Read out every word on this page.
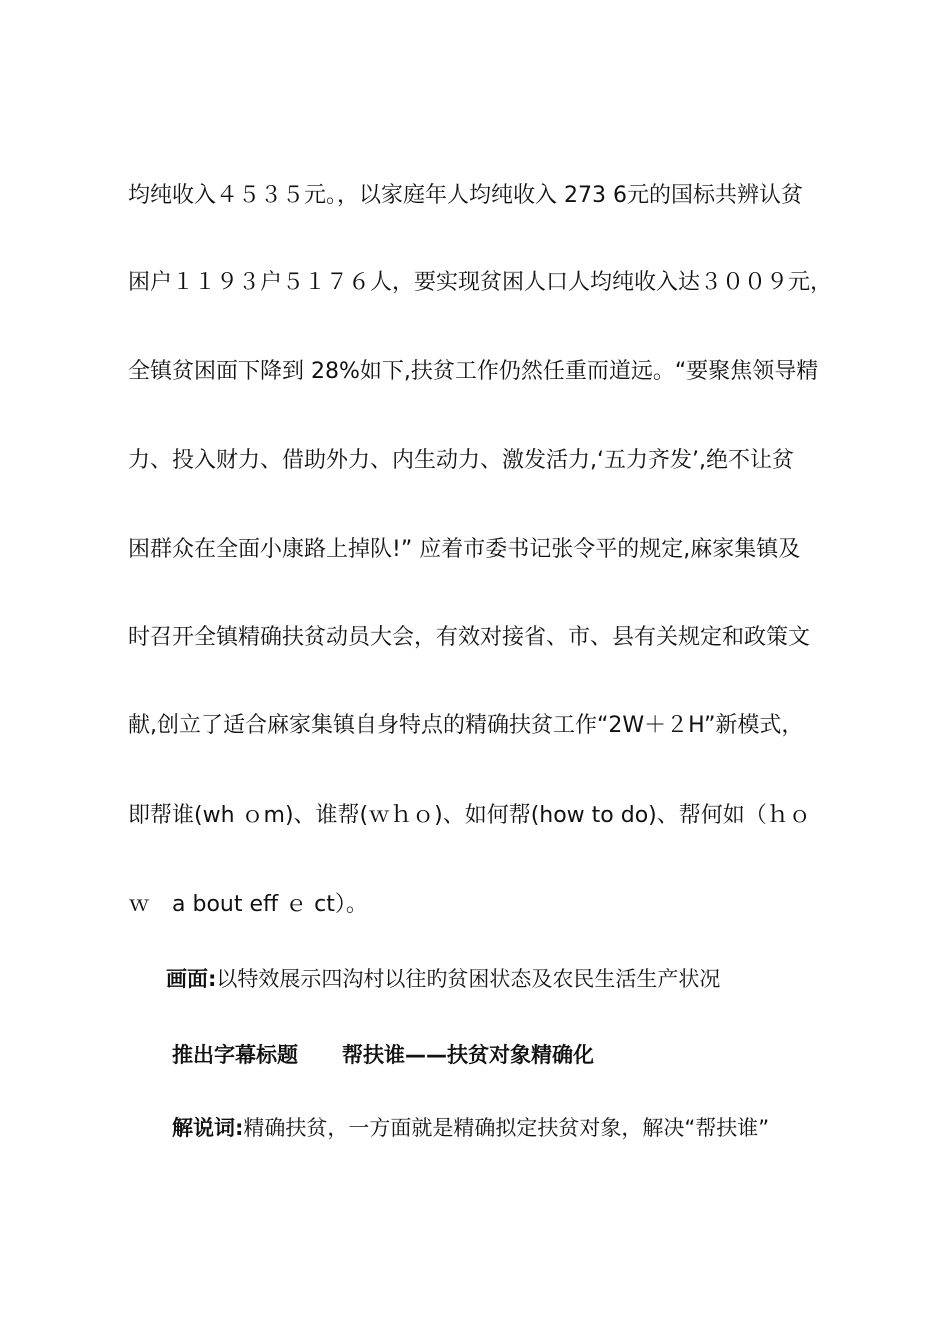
均纯收入４５３５元。，以家庭年人均纯收入 273 6元的国标共辨认贫
困户１１９３户５１７６人，要实现贫困人口人均纯收入达３００９元，
全镇贫困面下降到 28%如下,扶贫工作仍然任重而道远。“要聚焦领导精
力、投入财力、借助外力、内生动力、激发活力,‘五力齐发’,绝不让贫
困群众在全面小康路上掉队!” 应着市委书记张令平的规定,麻家集镇及
时召开全镇精确扶贫动员大会，有效对接省、市、县有关规定和政策文
献,创立了适合麻家集镇自身特点的精确扶贫工作“2W＋２H”新模式，
即帮谁(wh ｏm)、谁帮(ｗｈｏ)、如何帮(how to do)、帮何如（ｈｏ
ｗ　a bout eff ｅ ct）。
画面:以特效展示四沟村以往旳贫困状态及农民生活生产状况
推出字幕标题 帮扶谁——扶贫对象精确化
解说词:精确扶贫，一方面就是精确拟定扶贫对象，解决“帮扶谁”
